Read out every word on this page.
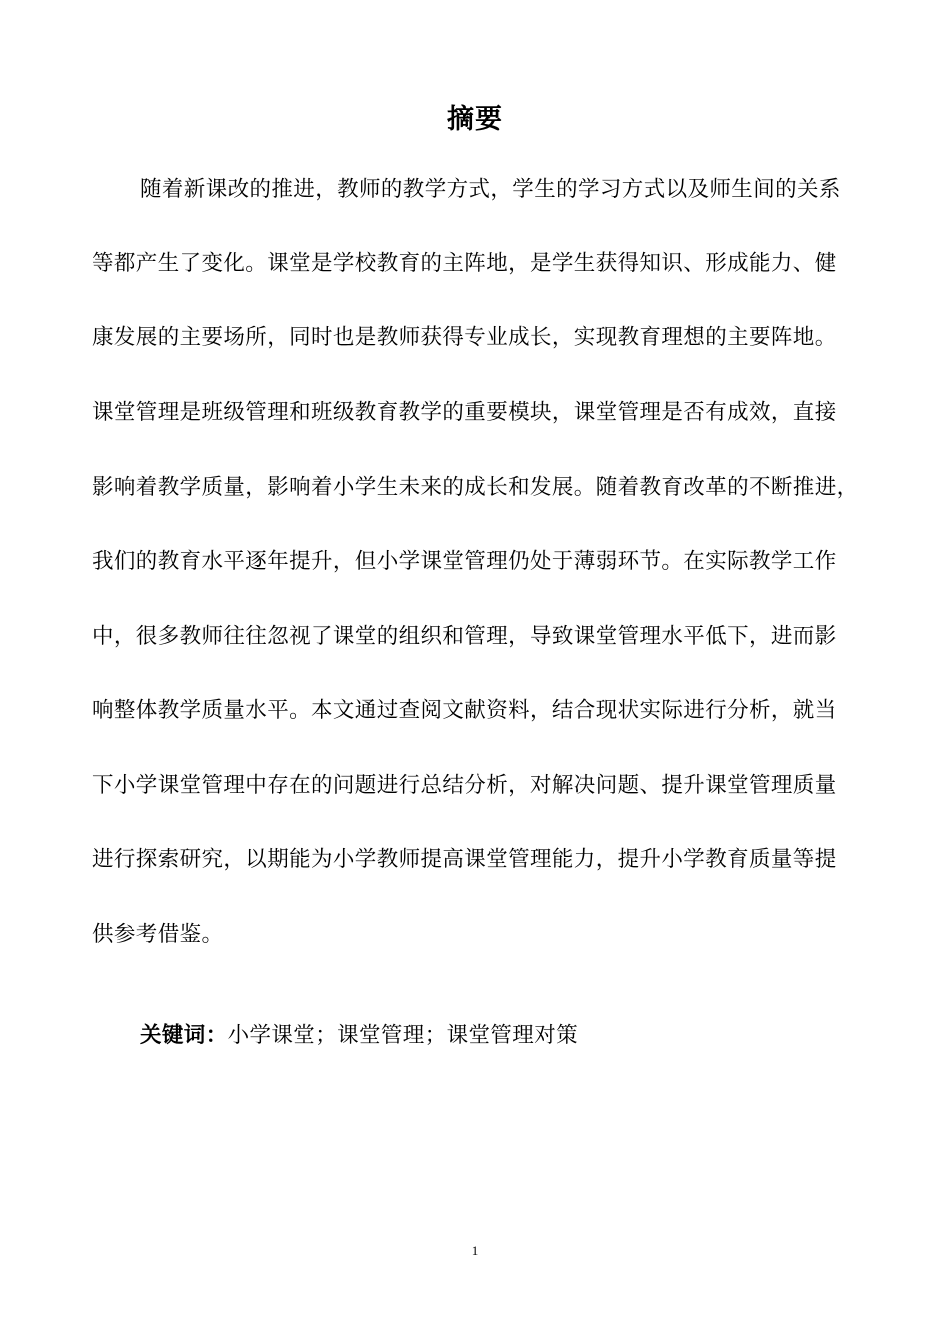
摘要
随着新课改的推进，教师的教学方式，学生的学习方式以及师生间的关系
等都产生了变化。课堂是学校教育的主阵地，是学生获得知识、形成能力、健
康发展的主要场所，同时也是教师获得专业成长，实现教育理想的主要阵地。
课堂管理是班级管理和班级教育教学的重要模块，课堂管理是否有成效，直接
影响着教学质量，影响着小学生未来的成长和发展。随着教育改革的不断推进，
我们的教育水平逐年提升，但小学课堂管理仍处于薄弱环节。在实际教学工作
中，很多教师往往忽视了课堂的组织和管理，导致课堂管理水平低下，进而影
响整体教学质量水平。本文通过查阅文献资料，结合现状实际进行分析，就当
下小学课堂管理中存在的问题进行总结分析，对解决问题、提升课堂管理质量
进行探索研究，以期能为小学教师提高课堂管理能力，提升小学教育质量等提
供参考借鉴。
关键词：小学课堂；课堂管理；课堂管理对策
1
